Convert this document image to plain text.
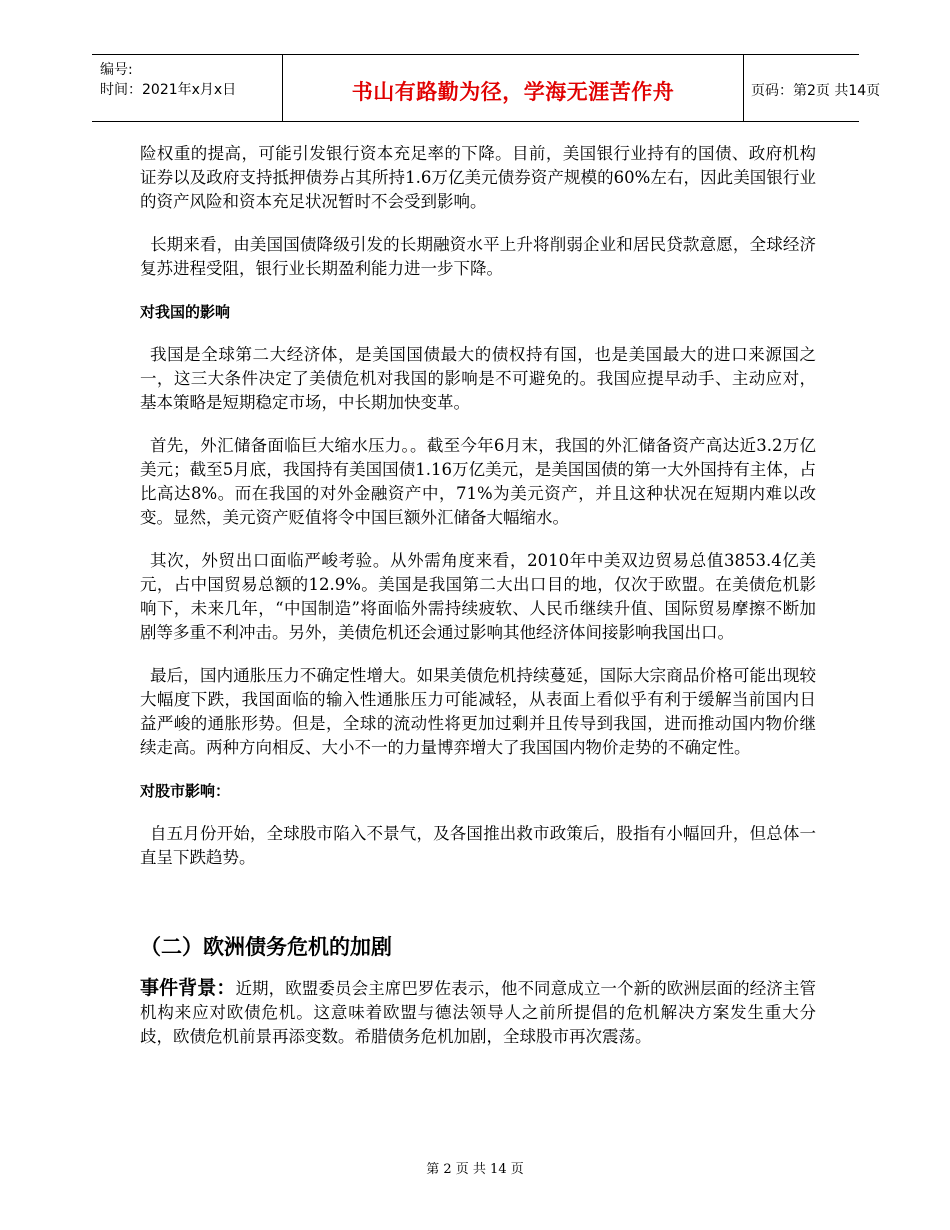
编号:
时间：2021年x月x日	书山有路勤为径，学海无涯苦作舟	页码：第2页 共14页

险权重的提高，可能引发银行资本充足率的下降。目前，美国银行业持有的国债、政府机构证券以及政府支持抵押债券占其所持1.6万亿美元债券资产规模的60%左右，因此美国银行业的资产风险和资本充足状况暂时不会受到影响。

长期来看，由美国国债降级引发的长期融资水平上升将削弱企业和居民贷款意愿，全球经济复苏进程受阻，银行业长期盈利能力进一步下降。

对我国的影响

我国是全球第二大经济体，是美国国债最大的债权持有国，也是美国最大的进口来源国之一，这三大条件决定了美债危机对我国的影响是不可避免的。我国应提早动手、主动应对，基本策略是短期稳定市场，中长期加快变革。

首先，外汇储备面临巨大缩水压力。。截至今年6月末，我国的外汇储备资产高达近3.2万亿美元；截至5月底，我国持有美国国债1.16万亿美元，是美国国债的第一大外国持有主体，占比高达8%。而在我国的对外金融资产中，71%为美元资产，并且这种状况在短期内难以改变。显然，美元资产贬值将令中国巨额外汇储备大幅缩水。

其次，外贸出口面临严峻考验。从外需角度来看，2010年中美双边贸易总值3853.4亿美元，占中国贸易总额的12.9%。美国是我国第二大出口目的地，仅次于欧盟。在美债危机影响下，未来几年，“中国制造”将面临外需持续疲软、人民币继续升值、国际贸易摩擦不断加剧等多重不利冲击。另外，美债危机还会通过影响其他经济体间接影响我国出口。

最后，国内通胀压力不确定性增大。如果美债危机持续蔓延，国际大宗商品价格可能出现较大幅度下跌，我国面临的输入性通胀压力可能减轻，从表面上看似乎有利于缓解当前国内日益严峻的通胀形势。但是，全球的流动性将更加过剩并且传导到我国，进而推动国内物价继续走高。两种方向相反、大小不一的力量博弈增大了我国国内物价走势的不确定性。

对股市影响：

自五月份开始，全球股市陷入不景气，及各国推出救市政策后，股指有小幅回升，但总体一直呈下跌趋势。

（二）欧洲债务危机的加剧

事件背景：近期，欧盟委员会主席巴罗佐表示，他不同意成立一个新的欧洲层面的经济主管机构来应对欧债危机。这意味着欧盟与德法领导人之前所提倡的危机解决方案发生重大分歧，欧债危机前景再添变数。希腊债务危机加剧，全球股市再次震荡。

第 2 页 共 14 页
